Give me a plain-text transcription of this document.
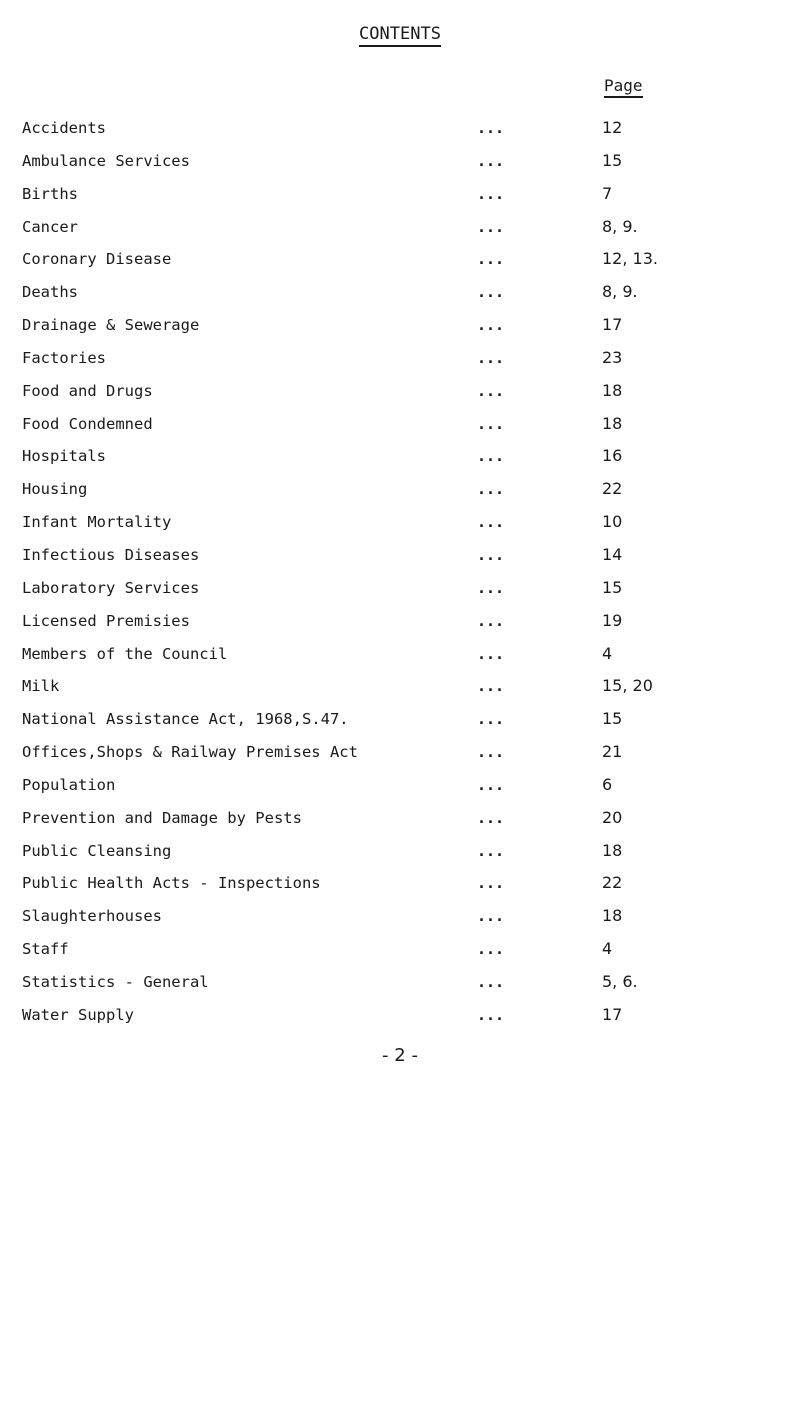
CONTENTS
Page
Accidents	...	12
Ambulance Services	...	15
Births	...	7
Cancer	...	8, 9.
Coronary Disease	...	12, 13.
Deaths	...	8, 9.
Drainage & Sewerage	...	17
Factories	...	23
Food and Drugs	...	18
Food Condemned	...	18
Hospitals	...	16
Housing	...	22
Infant Mortality	...	10
Infectious Diseases	...	14
Laboratory Services	...	15
Licensed Premisies	...	19
Members of the Council	...	4
Milk	...	15, 20
National Assistance Act, 1968,S.47.	...	15
Offices,Shops & Railway Premises Act	...	21
Population	...	6
Prevention and Damage by Pests	...	20
Public Cleansing	...	18
Public Health Acts - Inspections	...	22
Slaughterhouses	...	18
Staff	...	4
Statistics - General	...	5, 6.
Water Supply	...	17
- 2 -
